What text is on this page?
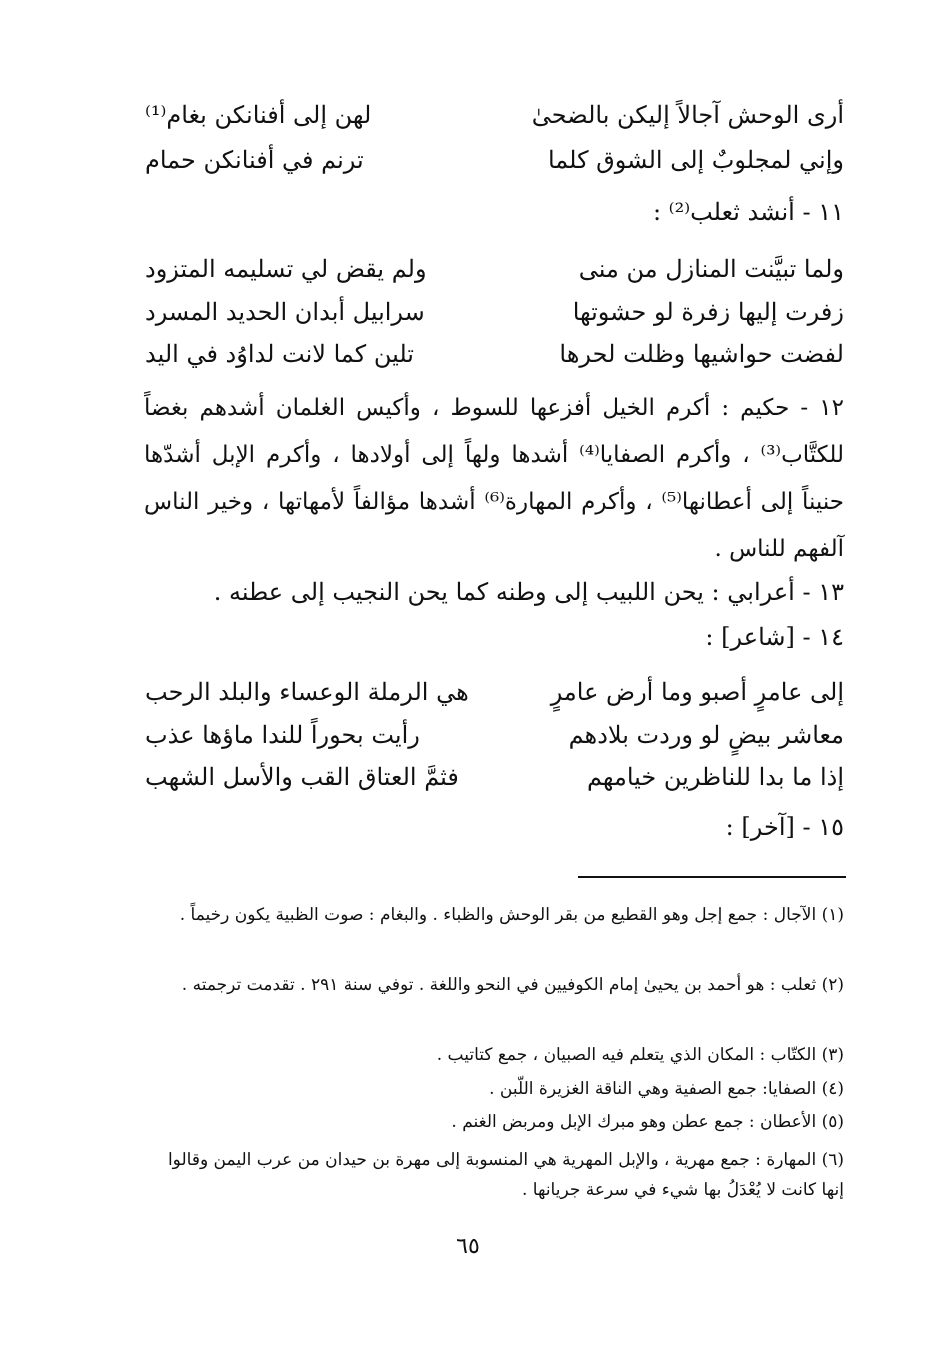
أرى الوحش آجالاً إليكن بالضحىٰ
لهن إلى أفنانكن بغام⁽¹⁾
وإني لمجلوبٌ إلى الشوق كلما
ترنم في أفنانكن حمام
١١ - أنشد ثعلب⁽²⁾ :
ولما تبيَّنت المنازل من منى
ولم يقض لي تسليمه المتزود
زفرت إليها زفرة لو حشوتها
سرابيل أبدان الحديد المسرد
لفضت حواشيها وظلت لحرها
تلين كما لانت لداوُد في اليد
١٢ - حكيم : أكرم الخيل أفزعها للسوط ، وأكيس الغلمان أشدهم بغضاً للكتَّاب⁽³⁾ ، وأكرم الصفايا⁽⁴⁾ أشدها ولهاً إلى أولادها ، وأكرم الإبل أشدّها حنيناً إلى أعطانها⁽⁵⁾ ، وأكرم المهارة⁽⁶⁾ أشدها مؤالفاً لأمهاتها ، وخير الناس آلفهم للناس .
١٣ - أعرابي : يحن اللبيب إلى وطنه كما يحن النجيب إلى عطنه .
١٤ - [شاعر] :
إلى عامرٍ أصبو وما أرض عامرٍ
هي الرملة الوعساء والبلد الرحب
معاشر بيضٍ لو وردت بلادهم
رأيت بحوراً للندا ماؤها عذب
إذا ما بدا للناظرين خيامهم
فثمَّ العتاق القب والأسل الشهب
١٥ - [آخر] :
(١) الآجال : جمع إجل وهو القطيع من بقر الوحش والظباء . والبغام : صوت الظبية يكون رخيماً .
(٢) ثعلب : هو أحمد بن يحيىٰ إمام الكوفيين في النحو واللغة . توفي سنة ٢٩١ . تقدمت ترجمته .
(٣) الكتّاب : المكان الذي يتعلم فيه الصبيان ، جمع كتاتيب .
(٤) الصفايا: جمع الصفية وهي الناقة الغزيرة اللّبن .
(٥) الأعطان : جمع عطن وهو مبرك الإبل ومربض الغنم .
(٦) المهارة : جمع مهرية ، والإبل المهرية هي المنسوبة إلى مهرة بن حيدان من عرب اليمن وقالوا إنها كانت لا يُعْدَلُ بها شيء في سرعة جريانها .
٦٥
